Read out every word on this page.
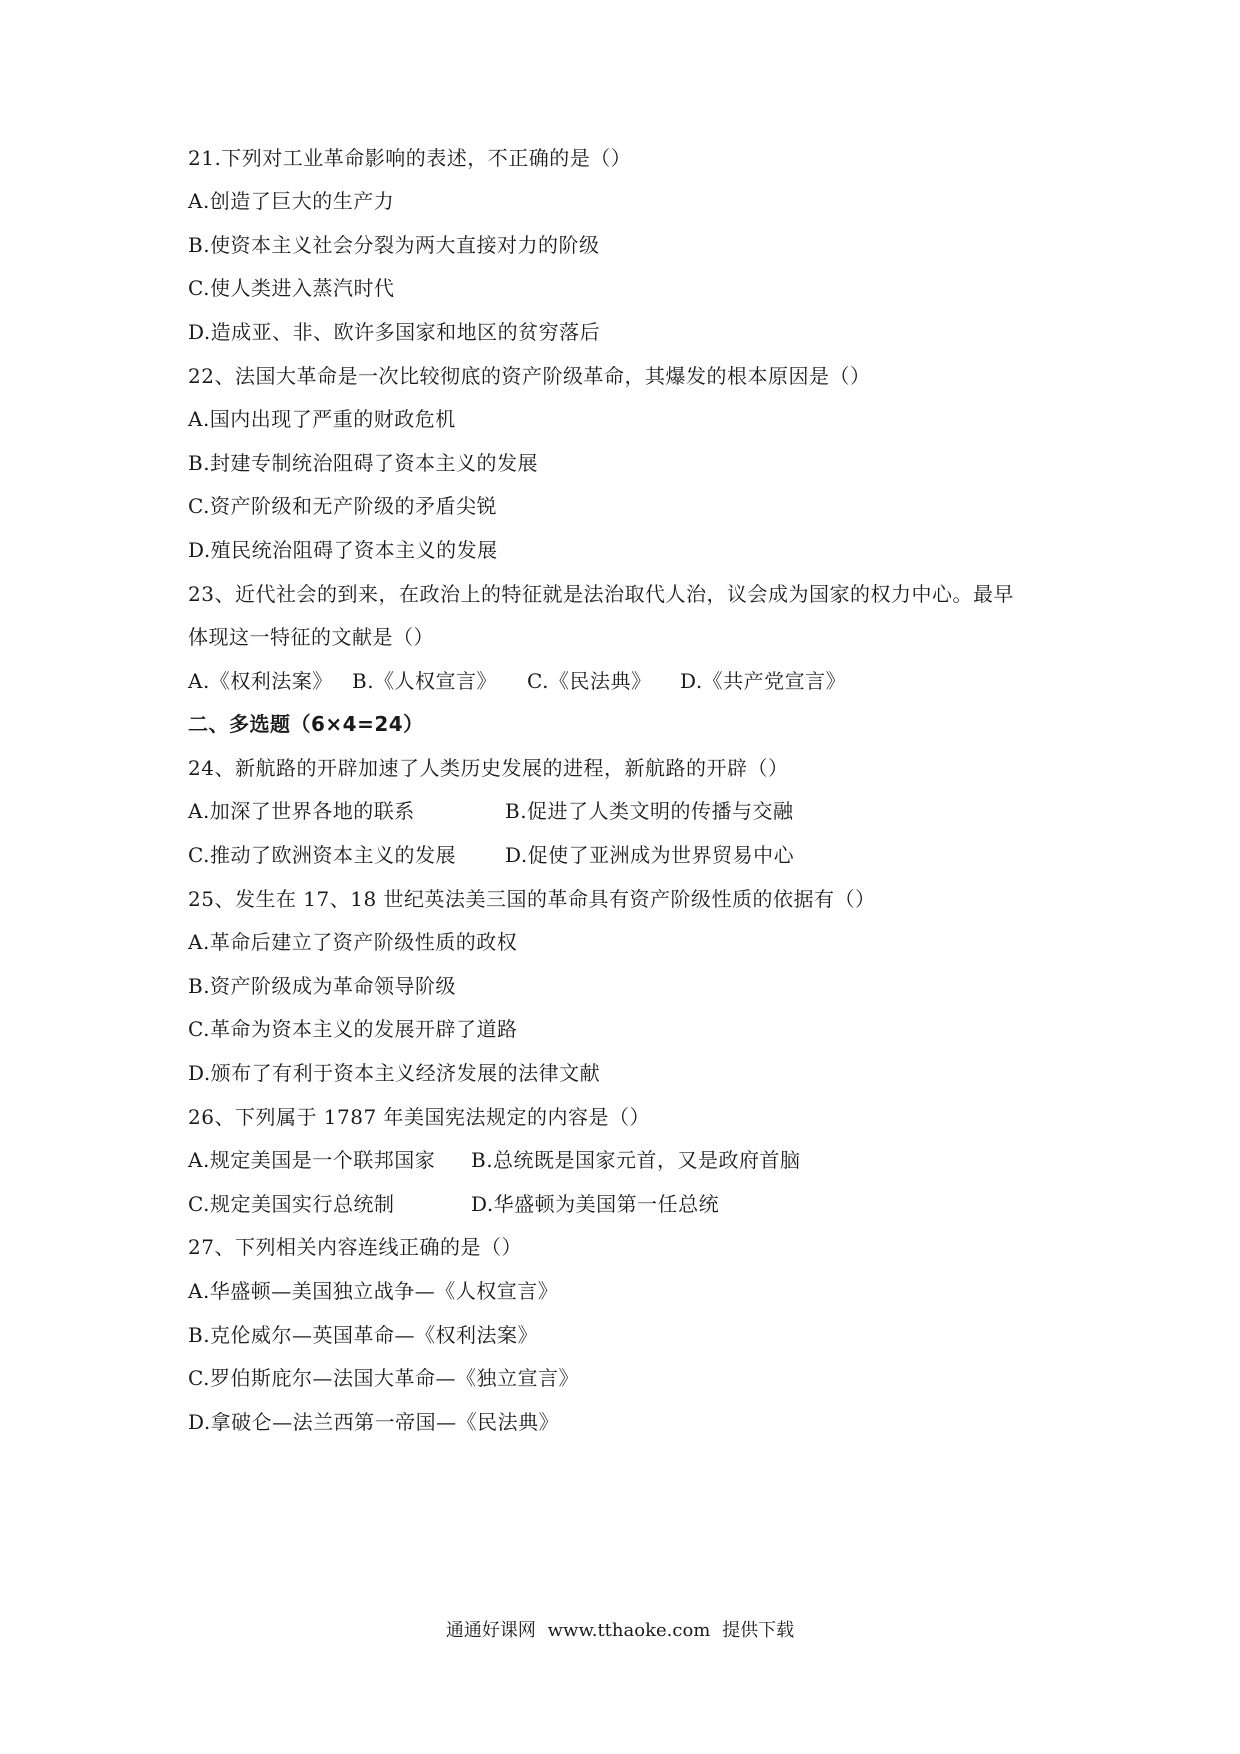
21.下列对工业革命影响的表述，不正确的是（）
A.创造了巨大的生产力
B.使资本主义社会分裂为两大直接对力的阶级
C.使人类进入蒸汽时代
D.造成亚、非、欧许多国家和地区的贫穷落后
22、法国大革命是一次比较彻底的资产阶级革命，其爆发的根本原因是（）
A.国内出现了严重的财政危机
B.封建专制统治阻碍了资本主义的发展
C.资产阶级和无产阶级的矛盾尖锐
D.殖民统治阻碍了资本主义的发展
23、近代社会的到来，在政治上的特征就是法治取代人治，议会成为国家的权力中心。最早
体现这一特征的文献是（）
A.《权利法案》 B.《人权宣言》 C.《民法典》 D.《共产党宣言》
二、多选题（6×4=24）
24、新航路的开辟加速了人类历史发展的进程，新航路的开辟（）
A.加深了世界各地的联系	B.促进了人类文明的传播与交融
C.推动了欧洲资本主义的发展 D.促使了亚洲成为世界贸易中心
25、发生在 17、18 世纪英法美三国的革命具有资产阶级性质的依据有（）
A.革命后建立了资产阶级性质的政权
B.资产阶级成为革命领导阶级
C.革命为资本主义的发展开辟了道路
D.颁布了有利于资本主义经济发展的法律文献
26、下列属于 1787 年美国宪法规定的内容是（）
A.规定美国是一个联邦国家 B.总统既是国家元首，又是政府首脑
C.规定美国实行总统制	D.华盛顿为美国第一任总统
27、下列相关内容连线正确的是（）
A.华盛顿—美国独立战争—《人权宣言》
B.克伦威尔—英国革命—《权利法案》
C.罗伯斯庇尔—法国大革命—《独立宣言》
D.拿破仑—法兰西第一帝国—《民法典》
通通好课网 www.tthaoke.com 提供下载
